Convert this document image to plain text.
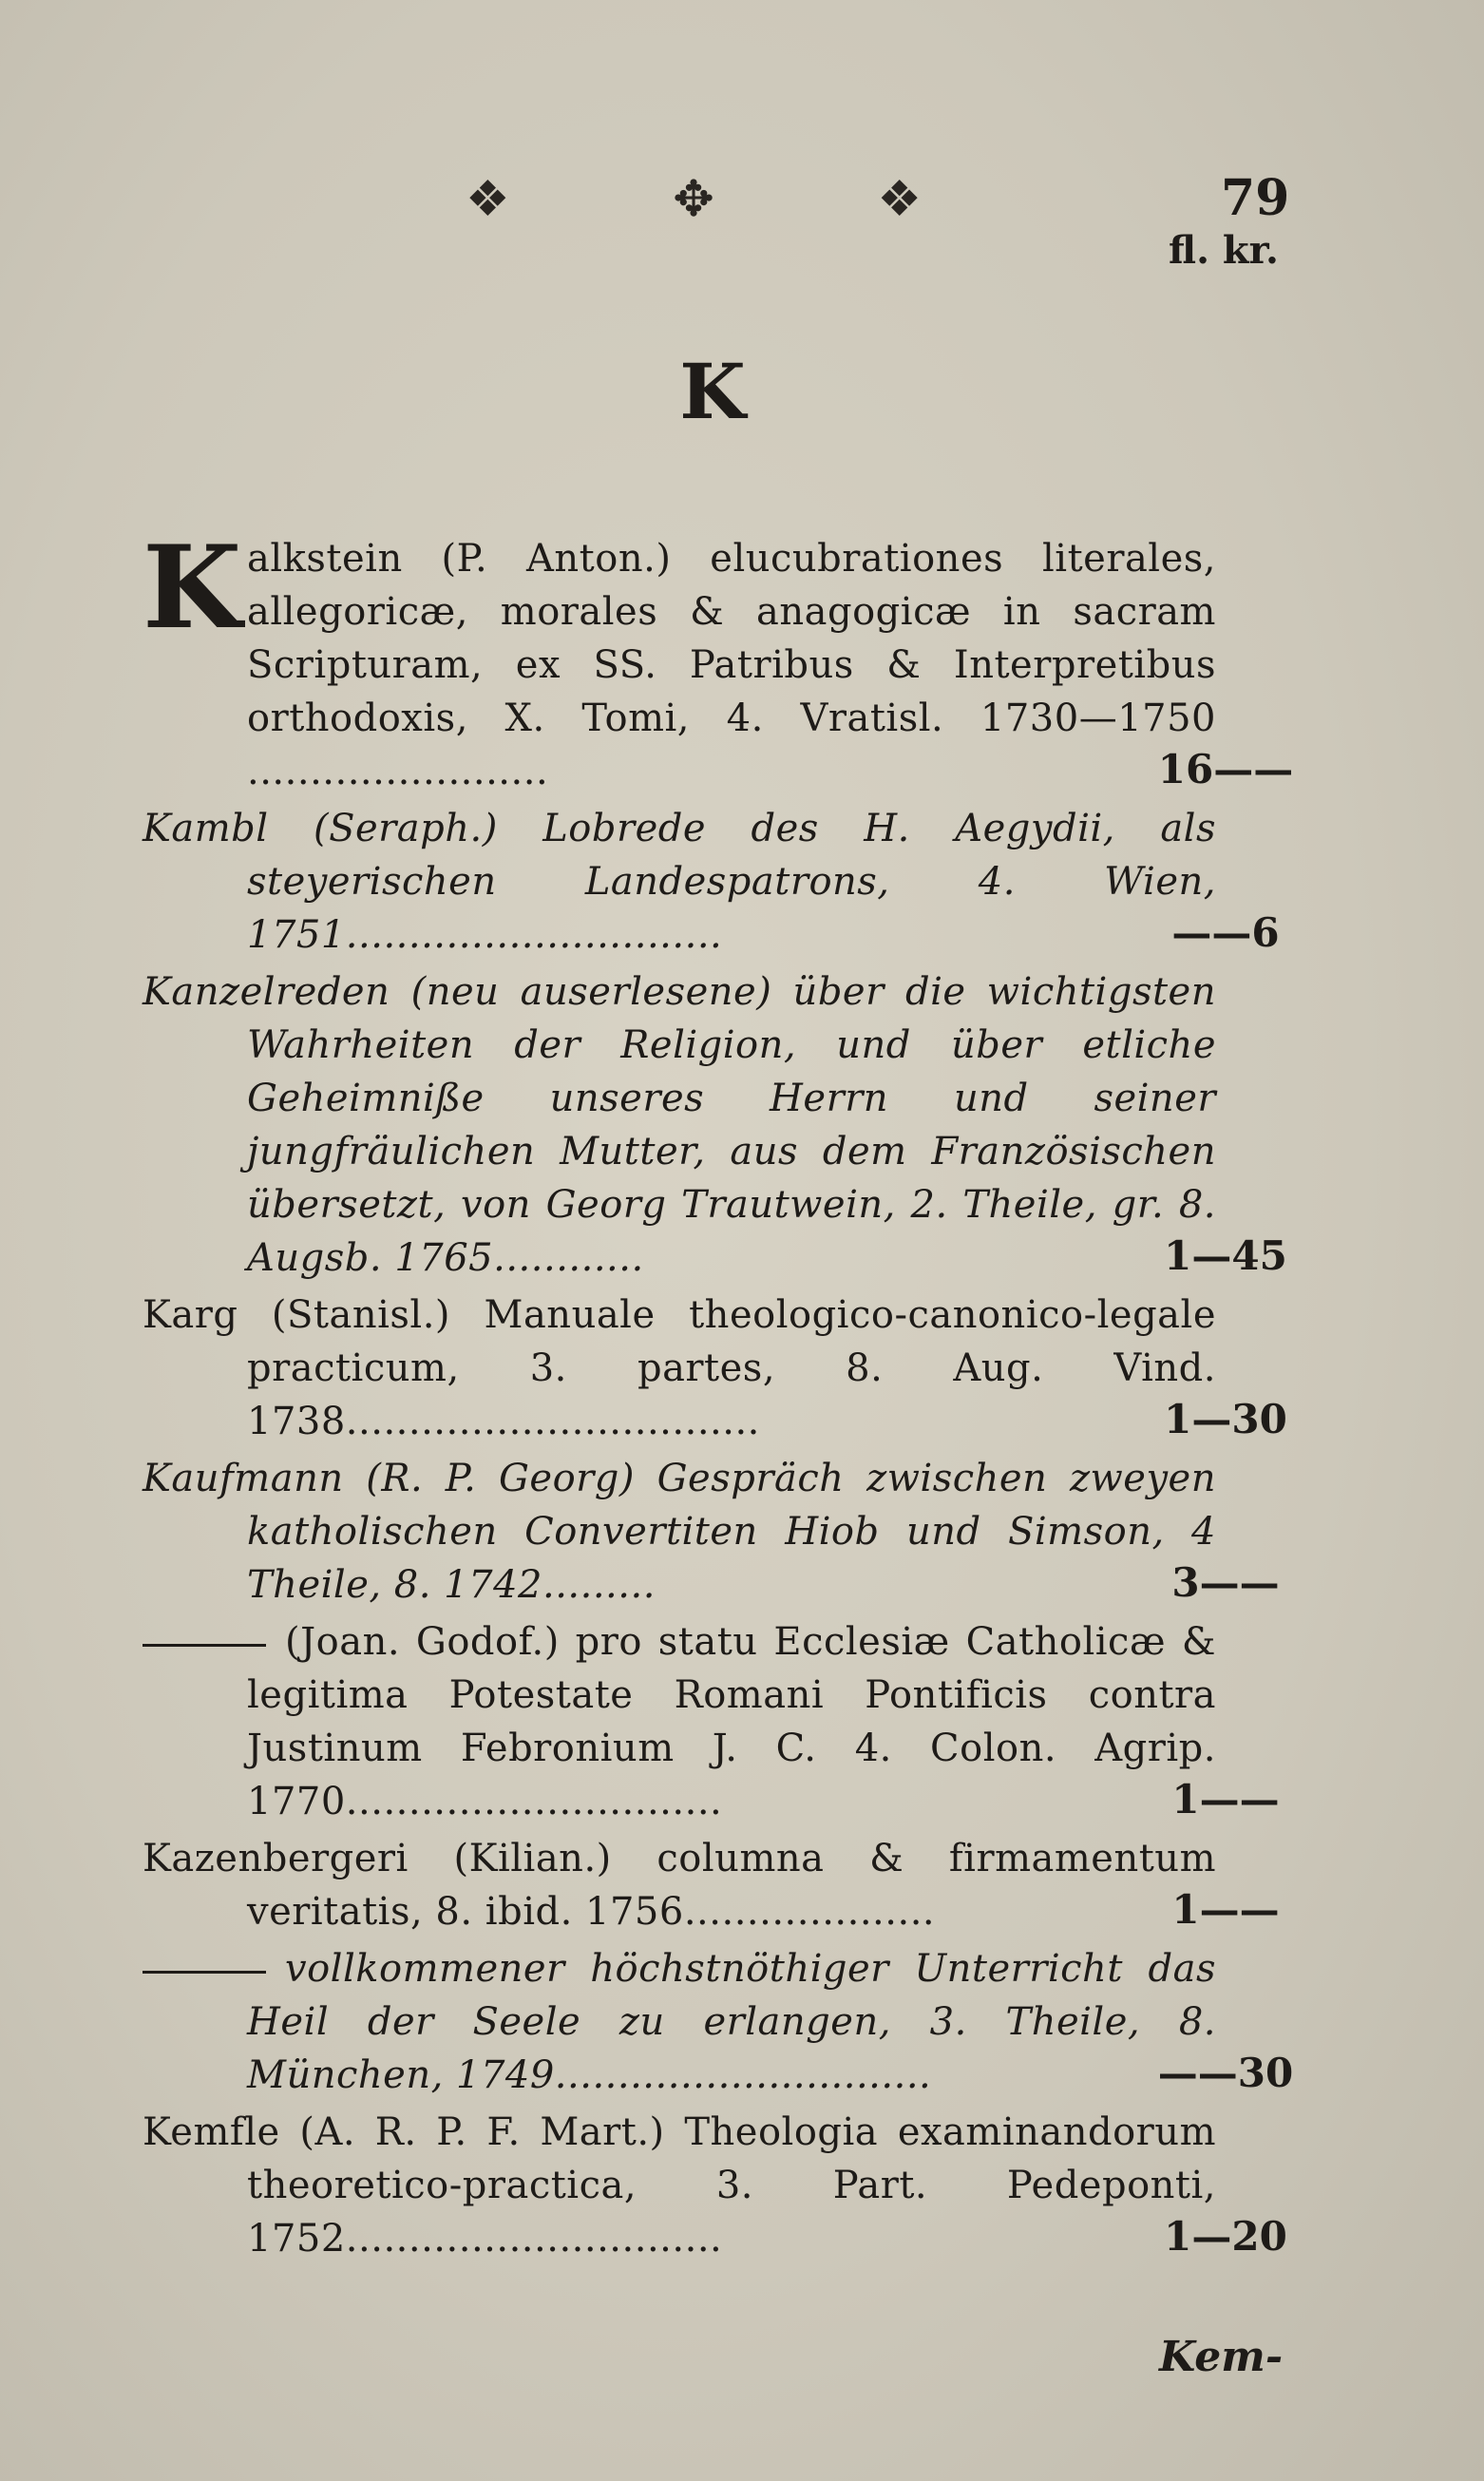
❖	✥	❖	79
fl. kr.
K
K alkstein (P. Anton.) elucubrationes literales, allegoricæ, morales & anagogicæ in sacram Scripturam, ex SS. Patribus & Interpretibus orthodoxis, X. Tomi, 4. Vratisl. 1730—1750 ........................	16——
Kambl (Seraph.) Lobrede des H. Aegydii, als steyerischen Landespatrons, 4. Wien, 1751..............................	——6
Kanzelreden (neu auserlesene) über die wichtigsten Wahrheiten der Religion, und über etliche Geheimniße unseres Herrn und seiner jungfräulichen Mutter, aus dem Französischen übersetzt, von Georg Trautwein, 2. Theile, gr. 8. Augsb. 1765............	1—45
Karg (Stanisl.) Manuale theologico-canonico-legale practicum, 3. partes, 8. Aug. Vind. 1738.................................	1—30
Kaufmann (R. P. Georg) Gespräch zwischen zweyen katholischen Convertiten Hiob und Simson, 4 Theile, 8. 1742.........	3——
(Joan. Godof.) pro statu Ecclesiæ Catholicæ & legitima Potestate Romani Pontificis contra Justinum Febronium J. C. 4. Colon. Agrip. 1770..............................	1——
Kazenbergeri (Kilian.) columna & firmamentum veritatis, 8. ibid. 1756....................	1——
vollkommener höchstnöthiger Unterricht das Heil der Seele zu erlangen, 3. Theile, 8. München, 1749..............................	——30
Kemfle (A. R. P. F. Mart.) Theologia examinandorum theoretico-practica, 3. Part. Pedeponti, 1752..............................	1—20
Kem-
